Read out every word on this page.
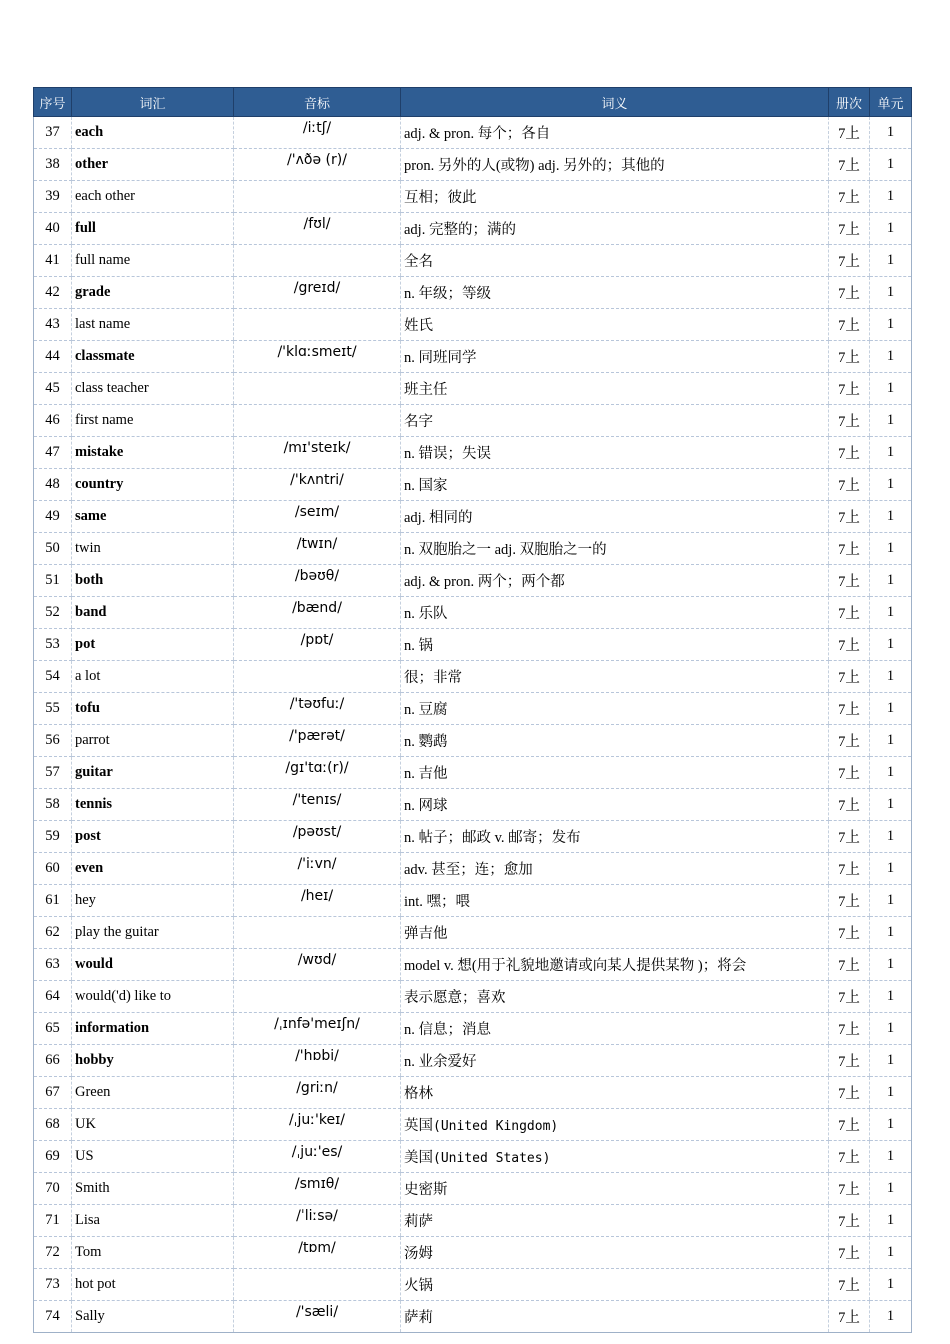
序号	词汇	音标	词义	册次	单元
37	each	/iːtʃ/	adj. & pron. 每个；各自	7上	1
38	other	/'ʌðə (r)/	pron. 另外的人(或物) adj. 另外的；其他的	7上	1
39	each other		互相；彼此	7上	1
40	full	/fʊl/	adj. 完整的；满的	7上	1
41	full name		全名	7上	1
42	grade	/greɪd/	n. 年级；等级	7上	1
43	last name		姓氏	7上	1
44	classmate	/'klɑːsmeɪt/	n. 同班同学	7上	1
45	class teacher		班主任	7上	1
46	first name		名字	7上	1
47	mistake	/mɪ'steɪk/	n. 错误；失误	7上	1
48	country	/'kʌntri/	n. 国家	7上	1
49	same	/seɪm/	adj. 相同的	7上	1
50	twin	/twɪn/	n. 双胞胎之一 adj. 双胞胎之一的	7上	1
51	both	/bəʊθ/	adj. & pron. 两个；两个都	7上	1
52	band	/bænd/	n. 乐队	7上	1
53	pot	/pɒt/	n. 锅	7上	1
54	a lot		很；非常	7上	1
55	tofu	/'təʊfuː/	n. 豆腐	7上	1
56	parrot	/'pærət/	n. 鹦鹉	7上	1
57	guitar	/gɪ'tɑː(r)/	n. 吉他	7上	1
58	tennis	/'tenɪs/	n. 网球	7上	1
59	post	/pəʊst/	n. 帖子；邮政 v. 邮寄；发布	7上	1
60	even	/'iːvn/	adv. 甚至；连；愈加	7上	1
61	hey	/heɪ/	int. 嘿；喂	7上	1
62	play the guitar		弹吉他	7上	1
63	would	/wʊd/	model v. 想(用于礼貌地邀请或向某人提供某物 )；将会	7上	1
64	would('d) like to		表示愿意；喜欢	7上	1
65	information	/ˌɪnfə'meɪʃn/	n. 信息；消息	7上	1
66	hobby	/'hɒbi/	n. 业余爱好	7上	1
67	Green	/griːn/	格林	7上	1
68	UK	/ˌjuː'keɪ/	英国(United Kingdom)	7上	1
69	US	/ˌjuː'es/	美国(United States)	7上	1
70	Smith	/smɪθ/	史密斯	7上	1
71	Lisa	/ˈliːsə/	莉萨	7上	1
72	Tom	/tɒm/	汤姆	7上	1
73	hot pot		火锅	7上	1
74	Sally	/'sæli/	萨莉	7上	1
